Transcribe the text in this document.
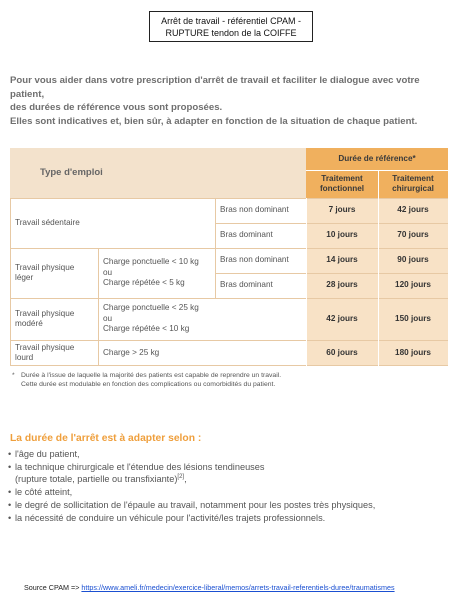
Arrêt de travail - référentiel CPAM -
RUPTURE tendon de la COIFFE
Pour vous aider dans votre prescription d'arrêt de travail et faciliter le dialogue avec votre patient,
des durées de référence vous sont proposées.
Elles sont indicatives et, bien sûr, à adapter en fonction de la situation de chaque patient.
Type d'emploi
Durée de référence*
Traitement fonctionnel
Traitement chirurgical
Travail sédentaire
Bras non dominant	7 jours	42 jours
Bras dominant	10 jours	70 jours
Travail physique léger
Charge ponctuelle < 10 kg
ou
Charge répétée < 5 kg
Bras non dominant	14 jours	90 jours
Bras dominant	28 jours	120 jours
Travail physique modéré
Charge ponctuelle < 25 kg
ou
Charge répétée < 10 kg
42 jours	150 jours
Travail physique lourd
Charge > 25 kg	60 jours	180 jours
* Durée à l'issue de laquelle la majorité des patients est capable de reprendre un travail.
Cette durée est modulable en fonction des complications ou comorbidités du patient.
La durée de l'arrêt est à adapter selon :
• l'âge du patient,
• la technique chirurgicale et l'étendue des lésions tendineuses
(rupture totale, partielle ou transfixiante)[2],
• le côté atteint,
• le degré de sollicitation de l'épaule au travail, notamment pour les postes très physiques,
• la nécessité de conduire un véhicule pour l'activité/les trajets professionnels.
Source CPAM => https://www.ameli.fr/medecin/exercice-liberal/memos/arrets-travail-referentiels-duree/traumatismes
